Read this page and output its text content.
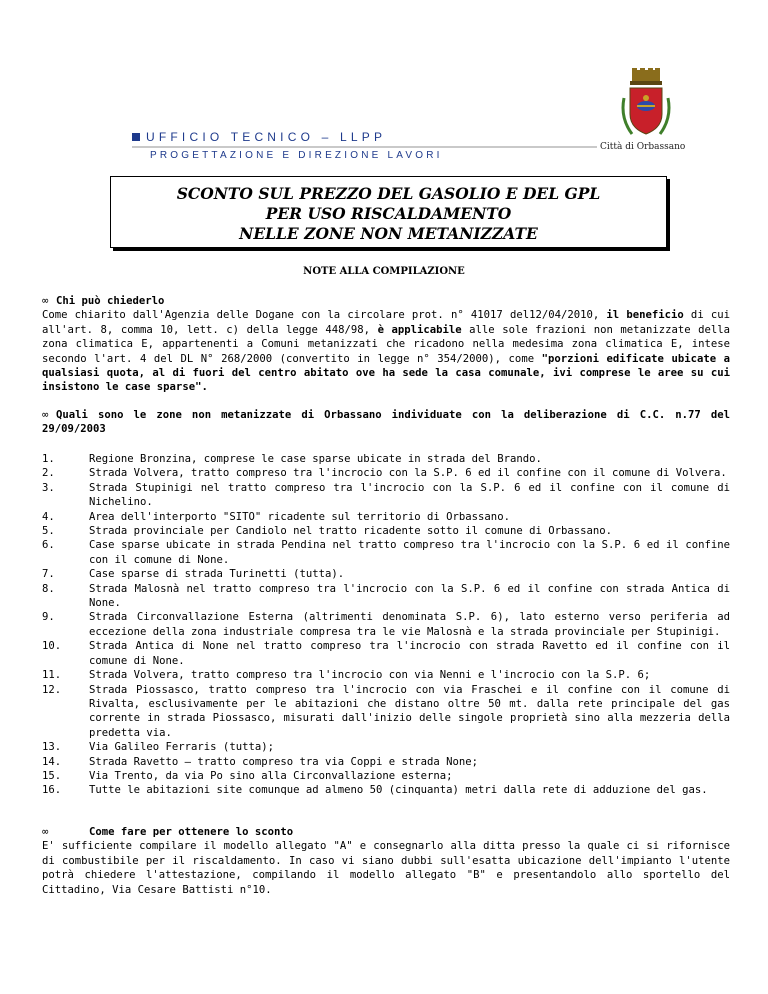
Città di Orbassano
UFFICIO TECNICO – LLPP
PROGETTAZIONE E DIREZIONE LAVORI
SCONTO SUL PREZZO DEL GASOLIO E DEL GPL
PER USO RISCALDAMENTO
NELLE ZONE NON METANIZZATE
NOTE ALLA COMPILAZIONE
∞ Chi può chiederlo
Come chiarito dall'Agenzia delle Dogane con la circolare prot. n° 41017 del12/04/2010, il beneficio di cui all'art. 8, comma 10, lett. c) della legge 448/98, è applicabile alle sole frazioni non metanizzate della zona climatica E, appartenenti a Comuni metanizzati che ricadono nella medesima zona climatica E, intese secondo l'art. 4 del DL N° 268/2000 (convertito in legge n° 354/2000), come "porzioni edificate ubicate a qualsiasi quota, al di fuori del centro abitato ove ha sede la casa comunale, ivi comprese le aree su cui insistono le case sparse".
∞ Quali sono le zone non metanizzate di Orbassano individuate con la deliberazione di C.C. n.77 del 29/09/2003
1.	Regione Bronzina, comprese le case sparse ubicate in strada del Brando.
2.	Strada Volvera, tratto compreso tra l'incrocio con la S.P. 6 ed il confine con il comune di Volvera.
3.	Strada Stupinigi nel tratto compreso tra l'incrocio con la S.P. 6 ed il confine con il comune di Nichelino.
4.	Area dell'interporto "SITO" ricadente sul territorio di Orbassano.
5.	Strada provinciale per Candiolo nel tratto ricadente sotto il comune di Orbassano.
6.	Case sparse ubicate in strada Pendina nel tratto compreso tra l'incrocio con la S.P. 6 ed il confine con il comune di None.
7.	Case sparse di strada Turinetti (tutta).
8.	Strada Malosnà nel tratto compreso tra l'incrocio con la S.P. 6 ed il confine con strada Antica di None.
9.	Strada Circonvallazione Esterna (altrimenti denominata S.P. 6), lato esterno verso periferia ad eccezione della zona industriale compresa tra le vie Malosnà e la strada provinciale per Stupinigi.
10.	Strada Antica di None nel tratto compreso tra l'incrocio con strada Ravetto ed il confine con il comune di None.
11.	Strada Volvera, tratto compreso tra l'incrocio con via Nenni e l'incrocio con la S.P. 6;
12.	Strada Piossasco, tratto compreso tra l'incrocio con via Fraschei e il confine con il comune di Rivalta, esclusivamente per le abitazioni che distano oltre 50 mt. dalla rete principale del gas corrente in strada Piossasco, misurati dall'inizio delle singole proprietà sino alla mezzeria della predetta via.
13.	Via Galileo Ferraris (tutta);
14.	Strada Ravetto – tratto compreso tra via Coppi e strada None;
15.	Via Trento, da via Po sino alla Circonvallazione esterna;
16.	Tutte le abitazioni site comunque ad almeno 50 (cinquanta) metri dalla rete di adduzione del gas.
∞	Come fare per ottenere lo sconto
E' sufficiente compilare il modello allegato "A" e consegnarlo alla ditta presso la quale ci si rifornisce di combustibile per il riscaldamento. In caso vi siano dubbi sull'esatta ubicazione dell'impianto l'utente potrà chiedere l'attestazione, compilando il modello allegato "B" e presentandolo allo sportello del Cittadino, Via Cesare Battisti n°10.
